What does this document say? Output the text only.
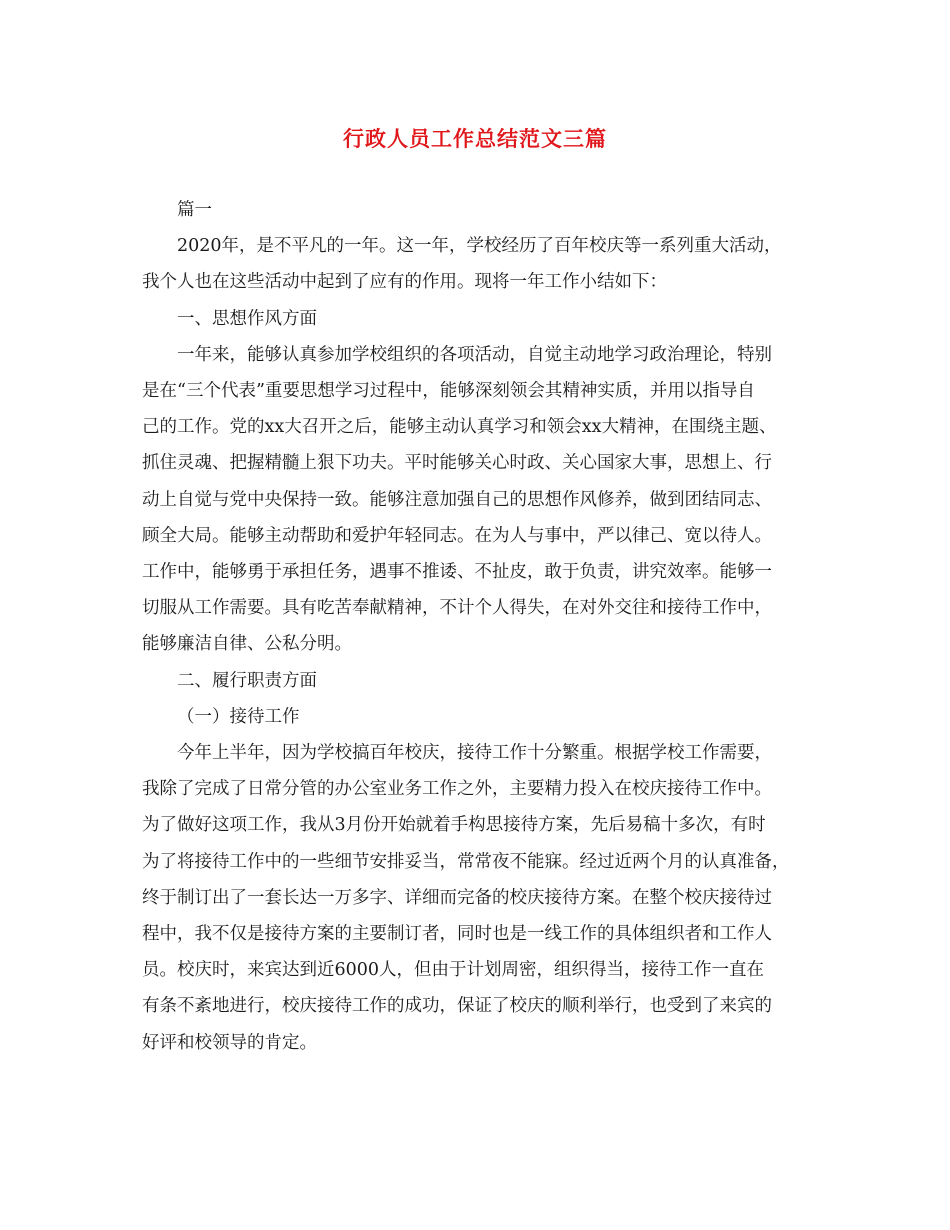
行政人员工作总结范文三篇

篇一

2020年，是不平凡的一年。这一年，学校经历了百年校庆等一系列重大活动，
我个人也在这些活动中起到了应有的作用。现将一年工作小结如下：

一、思想作风方面

一年来，能够认真参加学校组织的各项活动，自觉主动地学习政治理论，特别
是在“三个代表”重要思想学习过程中，能够深刻领会其精神实质，并用以指导自
己的工作。党的xx大召开之后，能够主动认真学习和领会xx大精神，在围绕主题、
抓住灵魂、把握精髓上狠下功夫。平时能够关心时政、关心国家大事，思想上、行
动上自觉与党中央保持一致。能够注意加强自己的思想作风修养，做到团结同志、
顾全大局。能够主动帮助和爱护年轻同志。在为人与事中，严以律己、宽以待人。
工作中，能够勇于承担任务，遇事不推诿、不扯皮，敢于负责，讲究效率。能够一
切服从工作需要。具有吃苦奉献精神，不计个人得失，在对外交往和接待工作中，
能够廉洁自律、公私分明。

二、履行职责方面

（一）接待工作

今年上半年，因为学校搞百年校庆，接待工作十分繁重。根据学校工作需要，
我除了完成了日常分管的办公室业务工作之外，主要精力投入在校庆接待工作中。
为了做好这项工作，我从3月份开始就着手构思接待方案，先后易稿十多次，有时
为了将接待工作中的一些细节安排妥当，常常夜不能寐。经过近两个月的认真准备，
终于制订出了一套长达一万多字、详细而完备的校庆接待方案。在整个校庆接待过
程中，我不仅是接待方案的主要制订者，同时也是一线工作的具体组织者和工作人
员。校庆时，来宾达到近6000人，但由于计划周密，组织得当，接待工作一直在
有条不紊地进行，校庆接待工作的成功，保证了校庆的顺利举行，也受到了来宾的
好评和校领导的肯定。
